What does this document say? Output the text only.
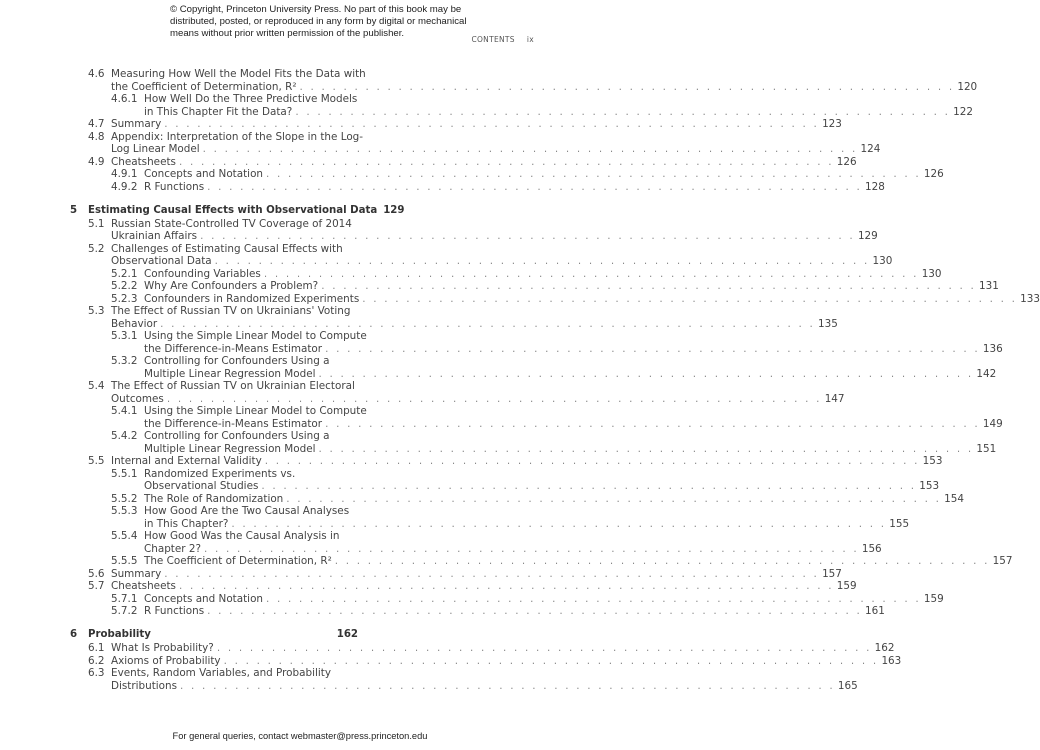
© Copyright, Princeton University Press. No part of this book may be
distributed, posted, or reproduced in any form by digital or mechanical
means without prior written permission of the publisher.
CONTENTS ix
4.6 Measuring How Well the Model Fits the Data with
the Coefficient of Determination, R² . . . . . . . . . . . . . . . . . . . . . . . . . . . . . . . . . . . . . . . . . . . . . . . . . . . . . . . . . . . . 120
4.6.1 How Well Do the Three Predictive Models
in This Chapter Fit the Data? . . . . . . . . . . . . . . . . . . . . . . . . . . . . . . . . . . . . . . . . . . . . . . . . . . . . . . . . . . . . 122
4.7 Summary . . . . . . . . . . . . . . . . . . . . . . . . . . . . . . . . . . . . . . . . . . . . . . . . . . . . . . . . . . . . 123
4.8 Appendix: Interpretation of the Slope in the Log-
Log Linear Model . . . . . . . . . . . . . . . . . . . . . . . . . . . . . . . . . . . . . . . . . . . . . . . . . . . . . . . . . . . . 124
4.9 Cheatsheets . . . . . . . . . . . . . . . . . . . . . . . . . . . . . . . . . . . . . . . . . . . . . . . . . . . . . . . . . . . . 126
4.9.1 Concepts and Notation . . . . . . . . . . . . . . . . . . . . . . . . . . . . . . . . . . . . . . . . . . . . . . . . . . . . . . . . . . . . 126
4.9.2 R Functions . . . . . . . . . . . . . . . . . . . . . . . . . . . . . . . . . . . . . . . . . . . . . . . . . . . . . . . . . . . . 128
5 Estimating Causal Effects with Observational Data 129
5.1 Russian State-Controlled TV Coverage of 2014
Ukrainian Affairs . . . . . . . . . . . . . . . . . . . . . . . . . . . . . . . . . . . . . . . . . . . . . . . . . . . . . . . . . . . . 129
5.2 Challenges of Estimating Causal Effects with
Observational Data . . . . . . . . . . . . . . . . . . . . . . . . . . . . . . . . . . . . . . . . . . . . . . . . . . . . . . . . . . . . 130
5.2.1 Confounding Variables . . . . . . . . . . . . . . . . . . . . . . . . . . . . . . . . . . . . . . . . . . . . . . . . . . . . . . . . . . . . 130
5.2.2 Why Are Confounders a Problem? . . . . . . . . . . . . . . . . . . . . . . . . . . . . . . . . . . . . . . . . . . . . . . . . . . . . . . . . . . . . 131
5.2.3 Confounders in Randomized Experiments . . . . . . . . . . . . . . . . . . . . . . . . . . . . . . . . . . . . . . . . . . . . . . . . . . . . . . . . . . . . 133
5.3 The Effect of Russian TV on Ukrainians' Voting
Behavior . . . . . . . . . . . . . . . . . . . . . . . . . . . . . . . . . . . . . . . . . . . . . . . . . . . . . . . . . . . . 135
5.3.1 Using the Simple Linear Model to Compute
the Difference-in-Means Estimator . . . . . . . . . . . . . . . . . . . . . . . . . . . . . . . . . . . . . . . . . . . . . . . . . . . . . . . . . . . . 136
5.3.2 Controlling for Confounders Using a
Multiple Linear Regression Model . . . . . . . . . . . . . . . . . . . . . . . . . . . . . . . . . . . . . . . . . . . . . . . . . . . . . . . . . . . . 142
5.4 The Effect of Russian TV on Ukrainian Electoral
Outcomes . . . . . . . . . . . . . . . . . . . . . . . . . . . . . . . . . . . . . . . . . . . . . . . . . . . . . . . . . . . . 147
5.4.1 Using the Simple Linear Model to Compute
the Difference-in-Means Estimator . . . . . . . . . . . . . . . . . . . . . . . . . . . . . . . . . . . . . . . . . . . . . . . . . . . . . . . . . . . . 149
5.4.2 Controlling for Confounders Using a
Multiple Linear Regression Model . . . . . . . . . . . . . . . . . . . . . . . . . . . . . . . . . . . . . . . . . . . . . . . . . . . . . . . . . . . . 151
5.5 Internal and External Validity . . . . . . . . . . . . . . . . . . . . . . . . . . . . . . . . . . . . . . . . . . . . . . . . . . . . . . . . . . . . 153
5.5.1 Randomized Experiments vs.
Observational Studies . . . . . . . . . . . . . . . . . . . . . . . . . . . . . . . . . . . . . . . . . . . . . . . . . . . . . . . . . . . . 153
5.5.2 The Role of Randomization . . . . . . . . . . . . . . . . . . . . . . . . . . . . . . . . . . . . . . . . . . . . . . . . . . . . . . . . . . . . 154
5.5.3 How Good Are the Two Causal Analyses
in This Chapter? . . . . . . . . . . . . . . . . . . . . . . . . . . . . . . . . . . . . . . . . . . . . . . . . . . . . . . . . . . . . 155
5.5.4 How Good Was the Causal Analysis in
Chapter 2? . . . . . . . . . . . . . . . . . . . . . . . . . . . . . . . . . . . . . . . . . . . . . . . . . . . . . . . . . . . . 156
5.5.5 The Coefficient of Determination, R² . . . . . . . . . . . . . . . . . . . . . . . . . . . . . . . . . . . . . . . . . . . . . . . . . . . . . . . . . . . . 157
5.6 Summary . . . . . . . . . . . . . . . . . . . . . . . . . . . . . . . . . . . . . . . . . . . . . . . . . . . . . . . . . . . . 157
5.7 Cheatsheets . . . . . . . . . . . . . . . . . . . . . . . . . . . . . . . . . . . . . . . . . . . . . . . . . . . . . . . . . . . . 159
5.7.1 Concepts and Notation . . . . . . . . . . . . . . . . . . . . . . . . . . . . . . . . . . . . . . . . . . . . . . . . . . . . . . . . . . . . 159
5.7.2 R Functions . . . . . . . . . . . . . . . . . . . . . . . . . . . . . . . . . . . . . . . . . . . . . . . . . . . . . . . . . . . . 161
6 Probability	162
6.1 What Is Probability? . . . . . . . . . . . . . . . . . . . . . . . . . . . . . . . . . . . . . . . . . . . . . . . . . . . . . . . . . . . . 162
6.2 Axioms of Probability . . . . . . . . . . . . . . . . . . . . . . . . . . . . . . . . . . . . . . . . . . . . . . . . . . . . . . . . . . . . 163
6.3 Events, Random Variables, and Probability
Distributions . . . . . . . . . . . . . . . . . . . . . . . . . . . . . . . . . . . . . . . . . . . . . . . . . . . . . . . . . . . . 165
For general queries, contact webmaster@press.princeton.edu
